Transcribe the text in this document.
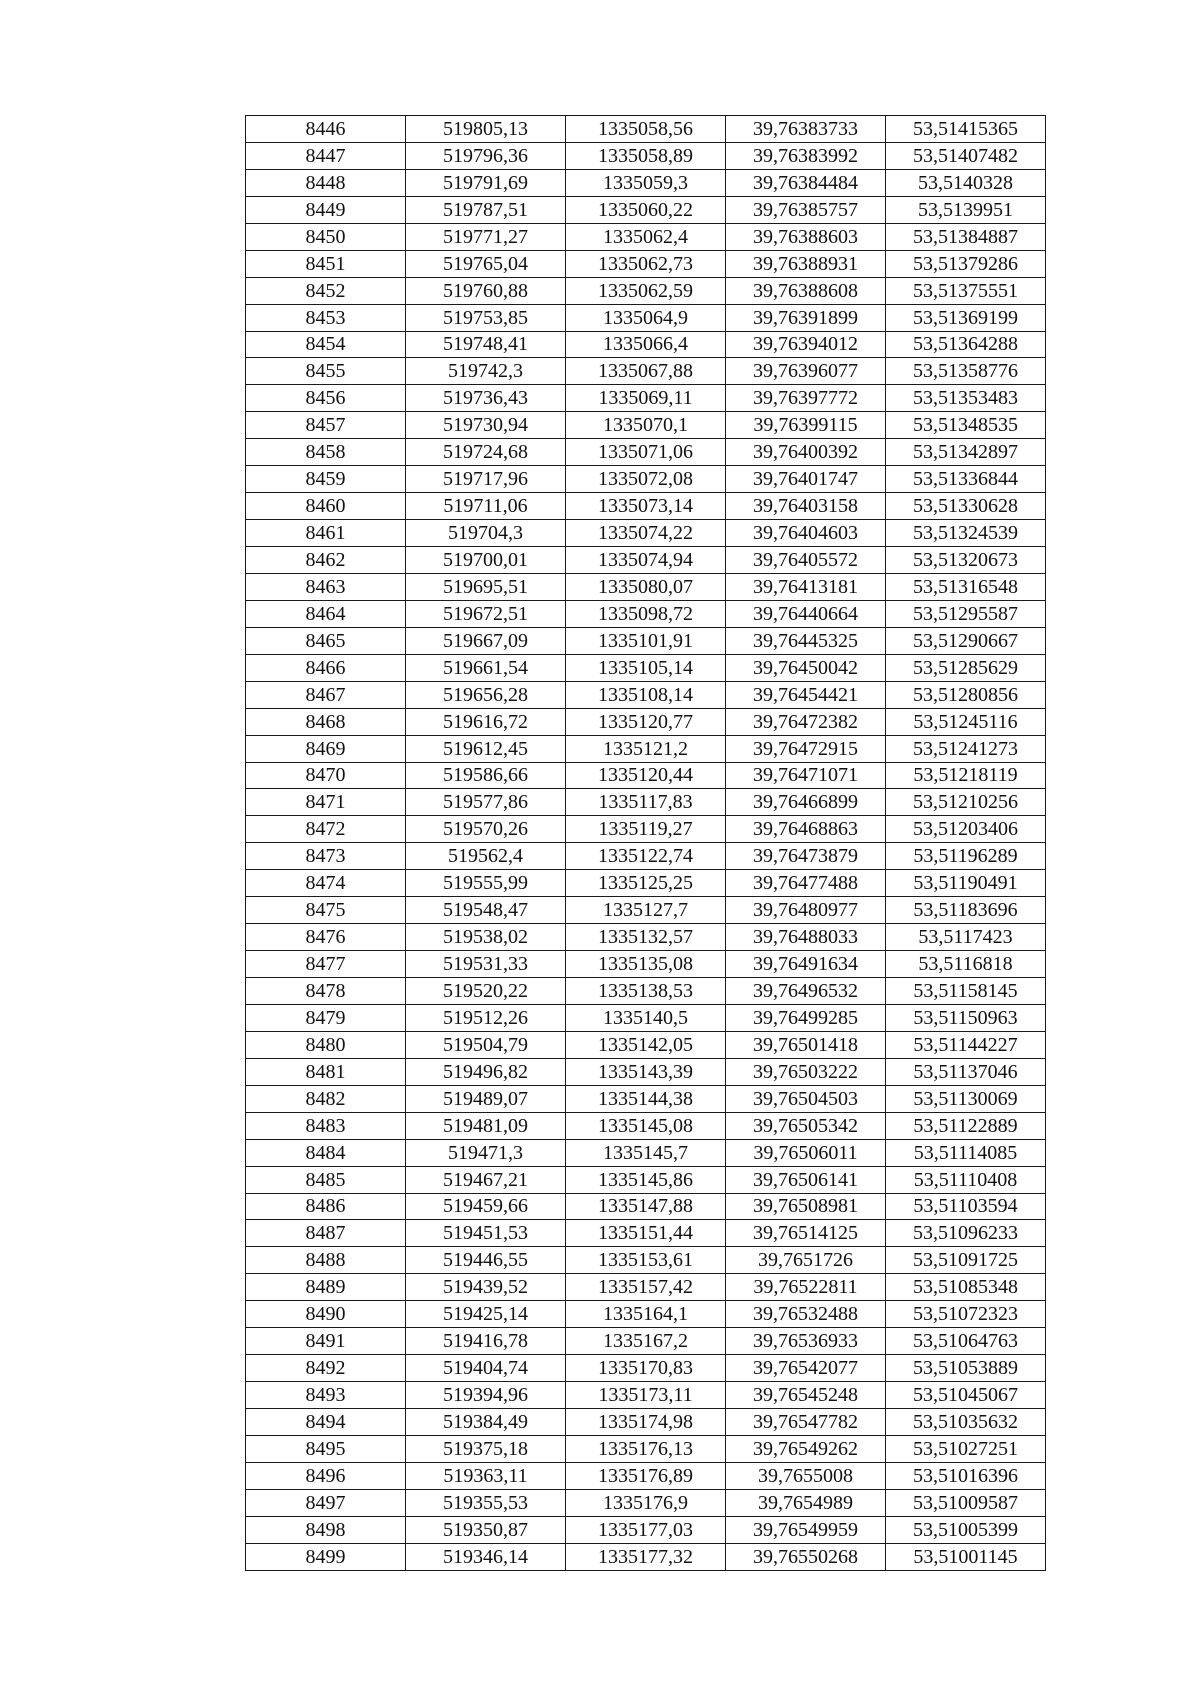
8446	519805,13	1335058,56	39,76383733	53,51415365
8447	519796,36	1335058,89	39,76383992	53,51407482
8448	519791,69	1335059,3	39,76384484	53,5140328
8449	519787,51	1335060,22	39,76385757	53,5139951
8450	519771,27	1335062,4	39,76388603	53,51384887
8451	519765,04	1335062,73	39,76388931	53,51379286
8452	519760,88	1335062,59	39,76388608	53,51375551
8453	519753,85	1335064,9	39,76391899	53,51369199
8454	519748,41	1335066,4	39,76394012	53,51364288
8455	519742,3	1335067,88	39,76396077	53,51358776
8456	519736,43	1335069,11	39,76397772	53,51353483
8457	519730,94	1335070,1	39,76399115	53,51348535
8458	519724,68	1335071,06	39,76400392	53,51342897
8459	519717,96	1335072,08	39,76401747	53,51336844
8460	519711,06	1335073,14	39,76403158	53,51330628
8461	519704,3	1335074,22	39,76404603	53,51324539
8462	519700,01	1335074,94	39,76405572	53,51320673
8463	519695,51	1335080,07	39,76413181	53,51316548
8464	519672,51	1335098,72	39,76440664	53,51295587
8465	519667,09	1335101,91	39,76445325	53,51290667
8466	519661,54	1335105,14	39,76450042	53,51285629
8467	519656,28	1335108,14	39,76454421	53,51280856
8468	519616,72	1335120,77	39,76472382	53,51245116
8469	519612,45	1335121,2	39,76472915	53,51241273
8470	519586,66	1335120,44	39,76471071	53,51218119
8471	519577,86	1335117,83	39,76466899	53,51210256
8472	519570,26	1335119,27	39,76468863	53,51203406
8473	519562,4	1335122,74	39,76473879	53,51196289
8474	519555,99	1335125,25	39,76477488	53,51190491
8475	519548,47	1335127,7	39,76480977	53,51183696
8476	519538,02	1335132,57	39,76488033	53,5117423
8477	519531,33	1335135,08	39,76491634	53,5116818
8478	519520,22	1335138,53	39,76496532	53,51158145
8479	519512,26	1335140,5	39,76499285	53,51150963
8480	519504,79	1335142,05	39,76501418	53,51144227
8481	519496,82	1335143,39	39,76503222	53,51137046
8482	519489,07	1335144,38	39,76504503	53,51130069
8483	519481,09	1335145,08	39,76505342	53,51122889
8484	519471,3	1335145,7	39,76506011	53,51114085
8485	519467,21	1335145,86	39,76506141	53,51110408
8486	519459,66	1335147,88	39,76508981	53,51103594
8487	519451,53	1335151,44	39,76514125	53,51096233
8488	519446,55	1335153,61	39,7651726	53,51091725
8489	519439,52	1335157,42	39,76522811	53,51085348
8490	519425,14	1335164,1	39,76532488	53,51072323
8491	519416,78	1335167,2	39,76536933	53,51064763
8492	519404,74	1335170,83	39,76542077	53,51053889
8493	519394,96	1335173,11	39,76545248	53,51045067
8494	519384,49	1335174,98	39,76547782	53,51035632
8495	519375,18	1335176,13	39,76549262	53,51027251
8496	519363,11	1335176,89	39,7655008	53,51016396
8497	519355,53	1335176,9	39,7654989	53,51009587
8498	519350,87	1335177,03	39,76549959	53,51005399
8499	519346,14	1335177,32	39,76550268	53,51001145
